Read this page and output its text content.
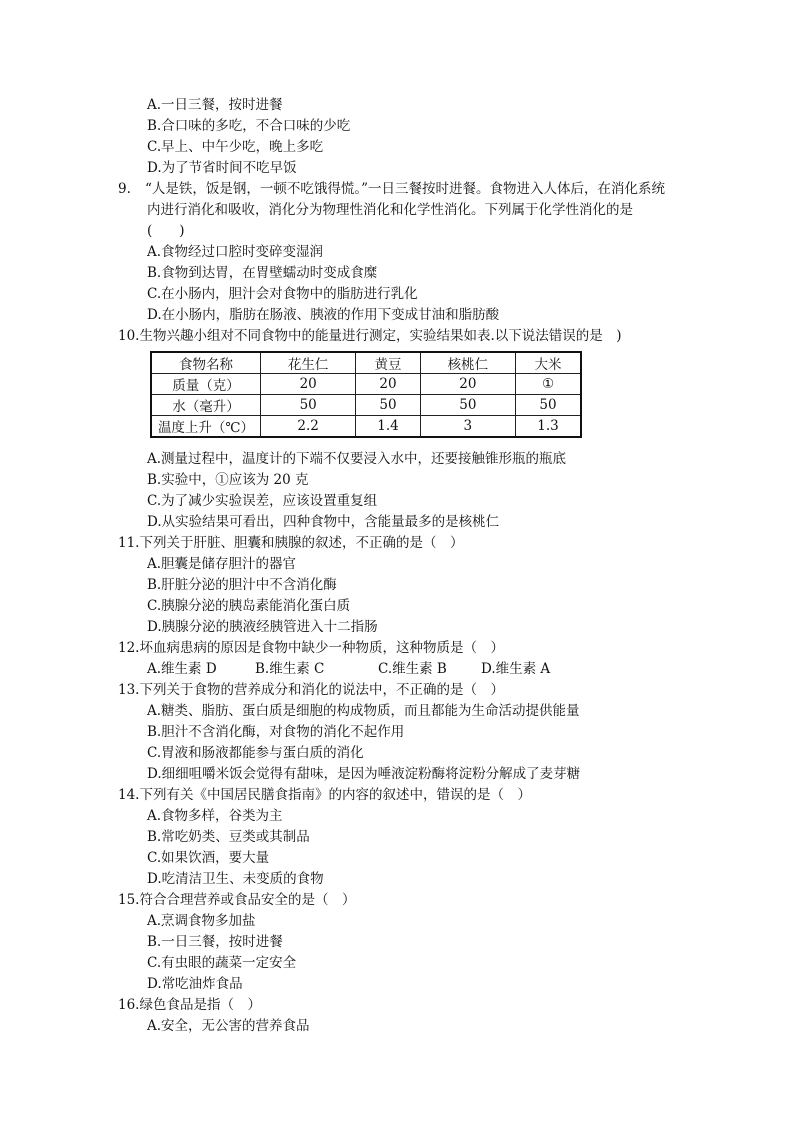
A.一日三餐，按时进餐
B.合口味的多吃，不合口味的少吃
C.早上、中午少吃，晚上多吃
D.为了节省时间不吃早饭
9. “人是铁，饭是钢，一顿不吃饿得慌。”一日三餐按时进餐。食物进入人体后，在消化系统
内进行消化和吸收，消化分为物理性消化和化学性消化。下列属于化学性消化的是
(　　)
A.食物经过口腔时变碎变湿润
B.食物到达胃，在胃壁蠕动时变成食糜
C.在小肠内，胆汁会对食物中的脂肪进行乳化
D.在小肠内，脂肪在肠液、胰液的作用下变成甘油和脂肪酸
10.生物兴趣小组对不同食物中的能量进行测定，实验结果如表.以下说法错误的是　)
食物名称	花生仁	黄豆	核桃仁	大米
质量（克）	20	20	20	①
水（毫升）	50	50	50	50
温度上升（℃）	2.2	1.4	3	1.3
A.测量过程中，温度计的下端不仅要浸入水中，还要接触锥形瓶的瓶底
B.实验中，①应该为 20 克
C.为了减少实验误差，应该设置重复组
D.从实验结果可看出，四种食物中，含能量最多的是核桃仁
11.下列关于肝脏、胆囊和胰腺的叙述，不正确的是（　）
A.胆囊是储存胆汁的器官
B.肝脏分泌的胆汁中不含消化酶
C.胰腺分泌的胰岛素能消化蛋白质
D.胰腺分泌的胰液经胰管进入十二指肠
12.坏血病患病的原因是食物中缺少一种物质，这种物质是（　）
A.维生素 D	B.维生素 C	C.维生素 B	D.维生素 A
13.下列关于食物的营养成分和消化的说法中，不正确的是（　）
A.糖类、脂肪、蛋白质是细胞的构成物质，而且都能为生命活动提供能量
B.胆汁不含消化酶，对食物的消化不起作用
C.胃液和肠液都能参与蛋白质的消化
D.细细咀嚼米饭会觉得有甜味，是因为唾液淀粉酶将淀粉分解成了麦芽糖
14.下列有关《中国居民膳食指南》的内容的叙述中，错误的是（　）
A.食物多样，谷类为主
B.常吃奶类、豆类或其制品
C.如果饮酒，要大量
D.吃清洁卫生、未变质的食物
15.符合合理营养或食品安全的是（　）
A.烹调食物多加盐
B.一日三餐，按时进餐
C.有虫眼的蔬菜一定安全
D.常吃油炸食品
16.绿色食品是指（　）
A.安全，无公害的营养食品
